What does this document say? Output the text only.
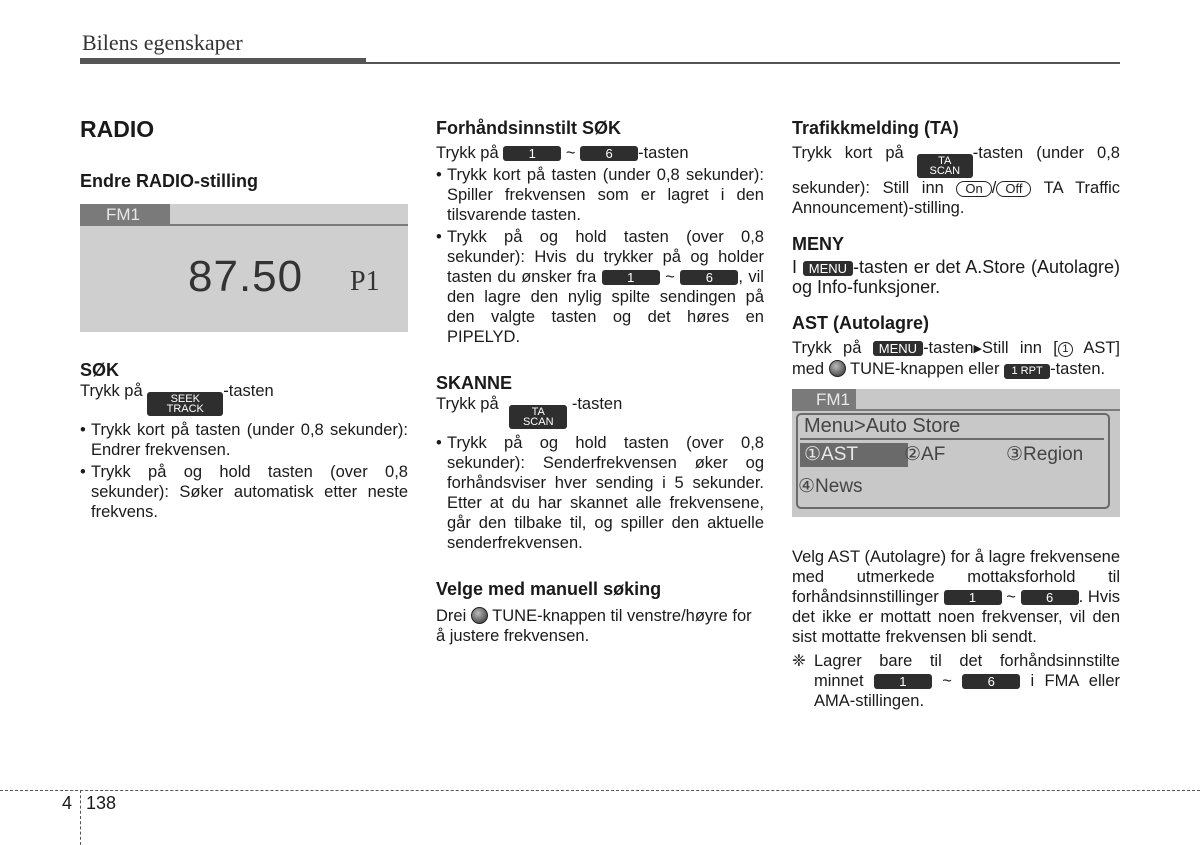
Bilens egenskaper
RADIO
Endre RADIO-stilling
FM1
87.50 P1
SØK

Trykk på	SEEK
TRACK
-tasten

• Trykk kort på tasten (under 0,8 sekunder): Endrer frekvensen.
• Trykk på og hold tasten (over 0,8 sekunder): Søker automatisk etter neste frekvens.
Forhåndsinnstilt SØK

Trykk på 1 ~ 6 -tasten

• Trykk kort på tasten (under 0,8 sekunder): Spiller frekvensen som er lagret i den tilsvarende tasten.
• Trykk på og hold tasten (over 0,8 sekunder): Hvis du trykker på og holder tasten du ønsker fra 1 ~ 6 , vil den lagre den nylig spilte sendingen på den valgte tasten og det høres en PIPELYD.
SKANNE

Trykk på	TA
SCAN
-tasten

• Trykk på og hold tasten (over 0,8 sekunder): Senderfrekvensen øker og forhåndsviser hver sending i 5 sekunder. Etter at du har skannet alle frekvensene, går den tilbake til, og spiller den aktuelle senderfrekvensen.
Velge med manuell søking

Drei TUNE-knappen til venstre/høyre for å justere frekvensen.

Trafikkmelding (TA)

Trykk kort på	TA
SCAN
-tasten (under 0,8 sekunder): Still inn On / Off TA Traffic Announcement)-stilling.

MENY

I MENU -tasten er det A.Store (Autolagre) og Info-funksjoner.

AST (Autolagre)

Trykk på MENU -tasten▶Still inn [ 1 AST] med TUNE-knappen eller 1 RPT -tasten.

FM1
Menu>Auto Store
①AST	②AF	③Region
④News

Velg AST (Autolagre) for å lagre frekvensene med utmerkede mottaksforhold til forhåndsinnstillinger 1 ~ 6 . Hvis det ikke er mottatt noen frekvenser, vil den sist mottatte frekvensen bli sendt.

❈ Lagrer bare til det forhåndsinnstilte minnet	1 ~	6 i FMA eller AMA-stillingen.
4 138
